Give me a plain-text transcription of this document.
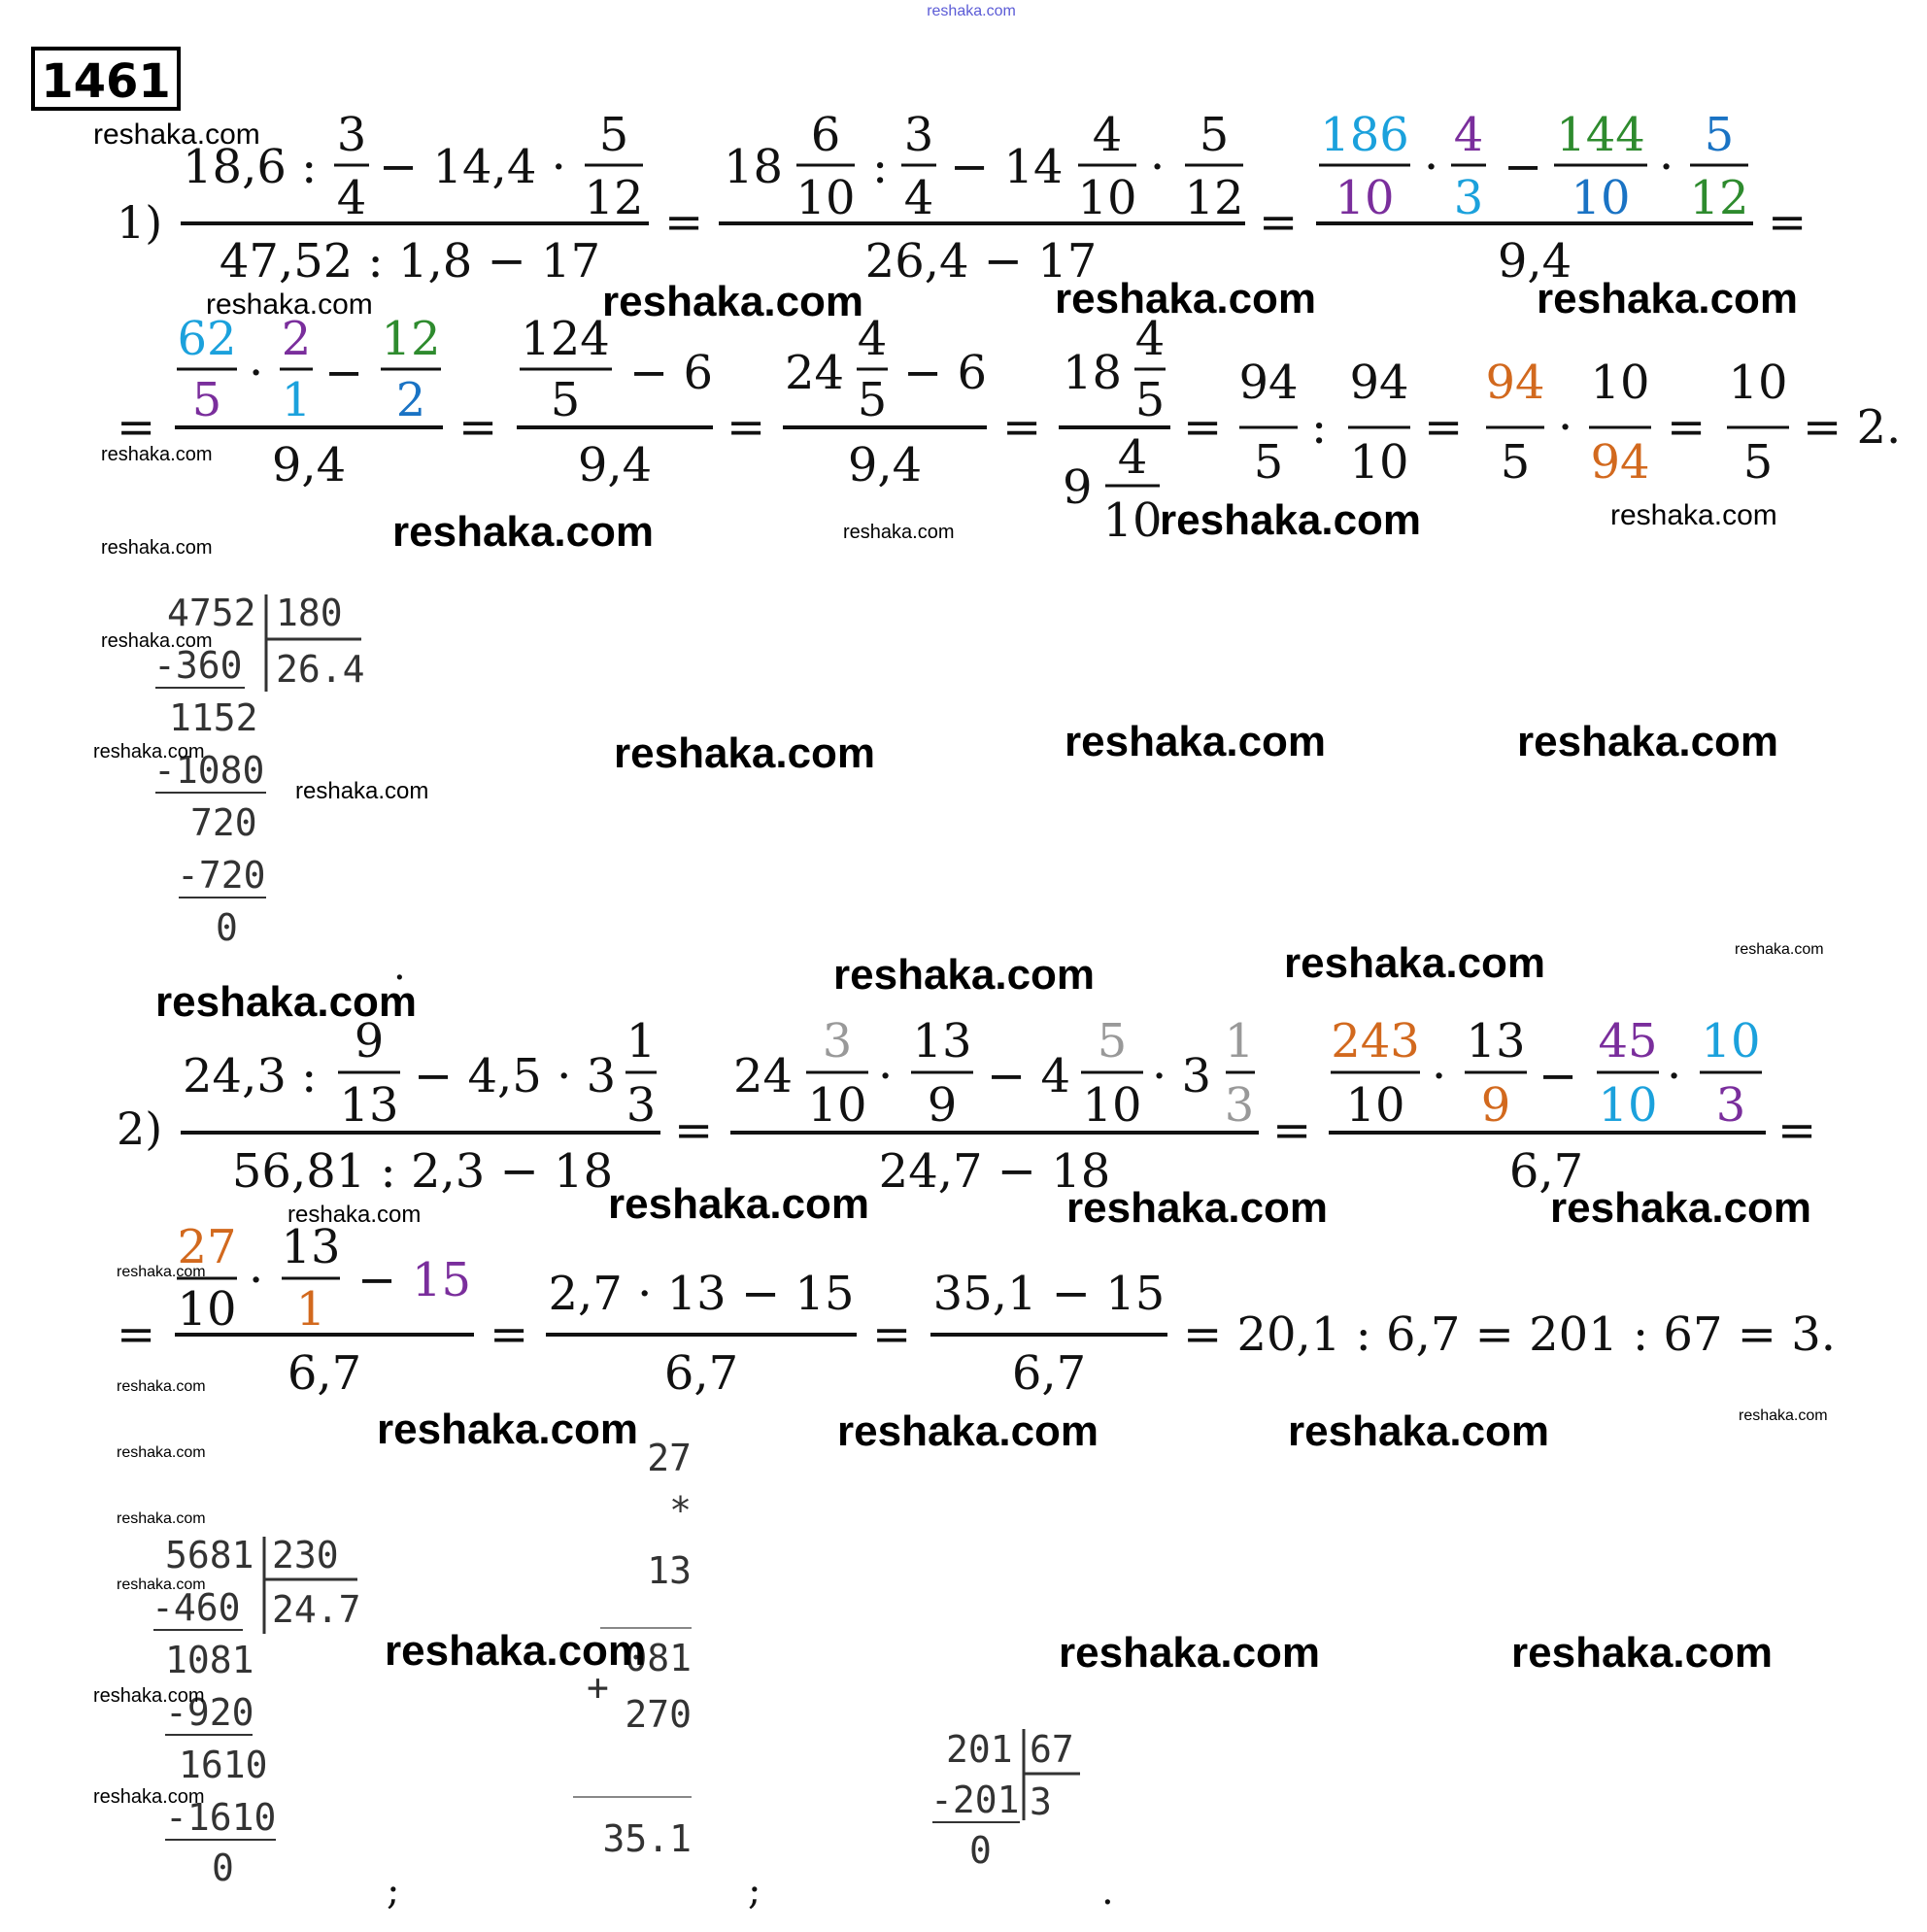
reshaka.com
1461
1)
18,6 :
3
4
− 14,4 ·
5
12
47,52 : 1,8 − 17
=
18
6
10
:
3
4
− 14
4
10
·
5
12
26,4 − 17
=
186
10
·
4
3
−
144
10
·
5
12
9,4
=
=
62
5 ·
2
1 −
12
2
9,4
=
124
5 − 6
9,4
=
24
4
5 − 6
9,4
=
18
4
5
9
4
10
=
94
5
:
94
10
=
94
5
·
10
94
=
10
5
= 2.
4752 180
26.4
-360
1152
-1080
720
-720
0
.
2)
24,3 :
9
13
− 4,5 · 3
1
3
56,81 : 2,3 − 18
=
24
3
10
·
13
9
− 4
5
10
· 3
1
3
24,7 − 18
=
243
10
·
13
9
−
45
10
·
10
3
6,7
=
=
27
10
·
13
1
− 15
6,7
=
2,7 · 13 − 15
6,7
=
35,1 − 15
6,7
= 20,1 : 6,7 = 201 : 67 = 3.
5681 230
24.7
-460
1081
-920
1610
-1610
0
;
27
*
13
081
+
270
35.1
;
201 67
3
-201
0
.
reshaka.com
reshaka.com	reshaka.com	reshaka.com	reshaka.com
reshaka.com
reshaka.com	reshaka.com	reshaka.com	reshaka.com
reshaka.com
reshaka.com
reshaka.com	reshaka.com	reshaka.com
reshaka.com
reshaka.com
reshaka.com	reshaka.com	reshaka.com
reshaka.com
reshaka.com	reshaka.com	reshaka.com
reshaka.com
reshaka.com
reshaka.com
reshaka.com	reshaka.com	reshaka.com	reshaka.com
reshaka.com
reshaka.com
reshaka.com
reshaka.com	reshaka.com	reshaka.com
reshaka.com
reshaka.com
